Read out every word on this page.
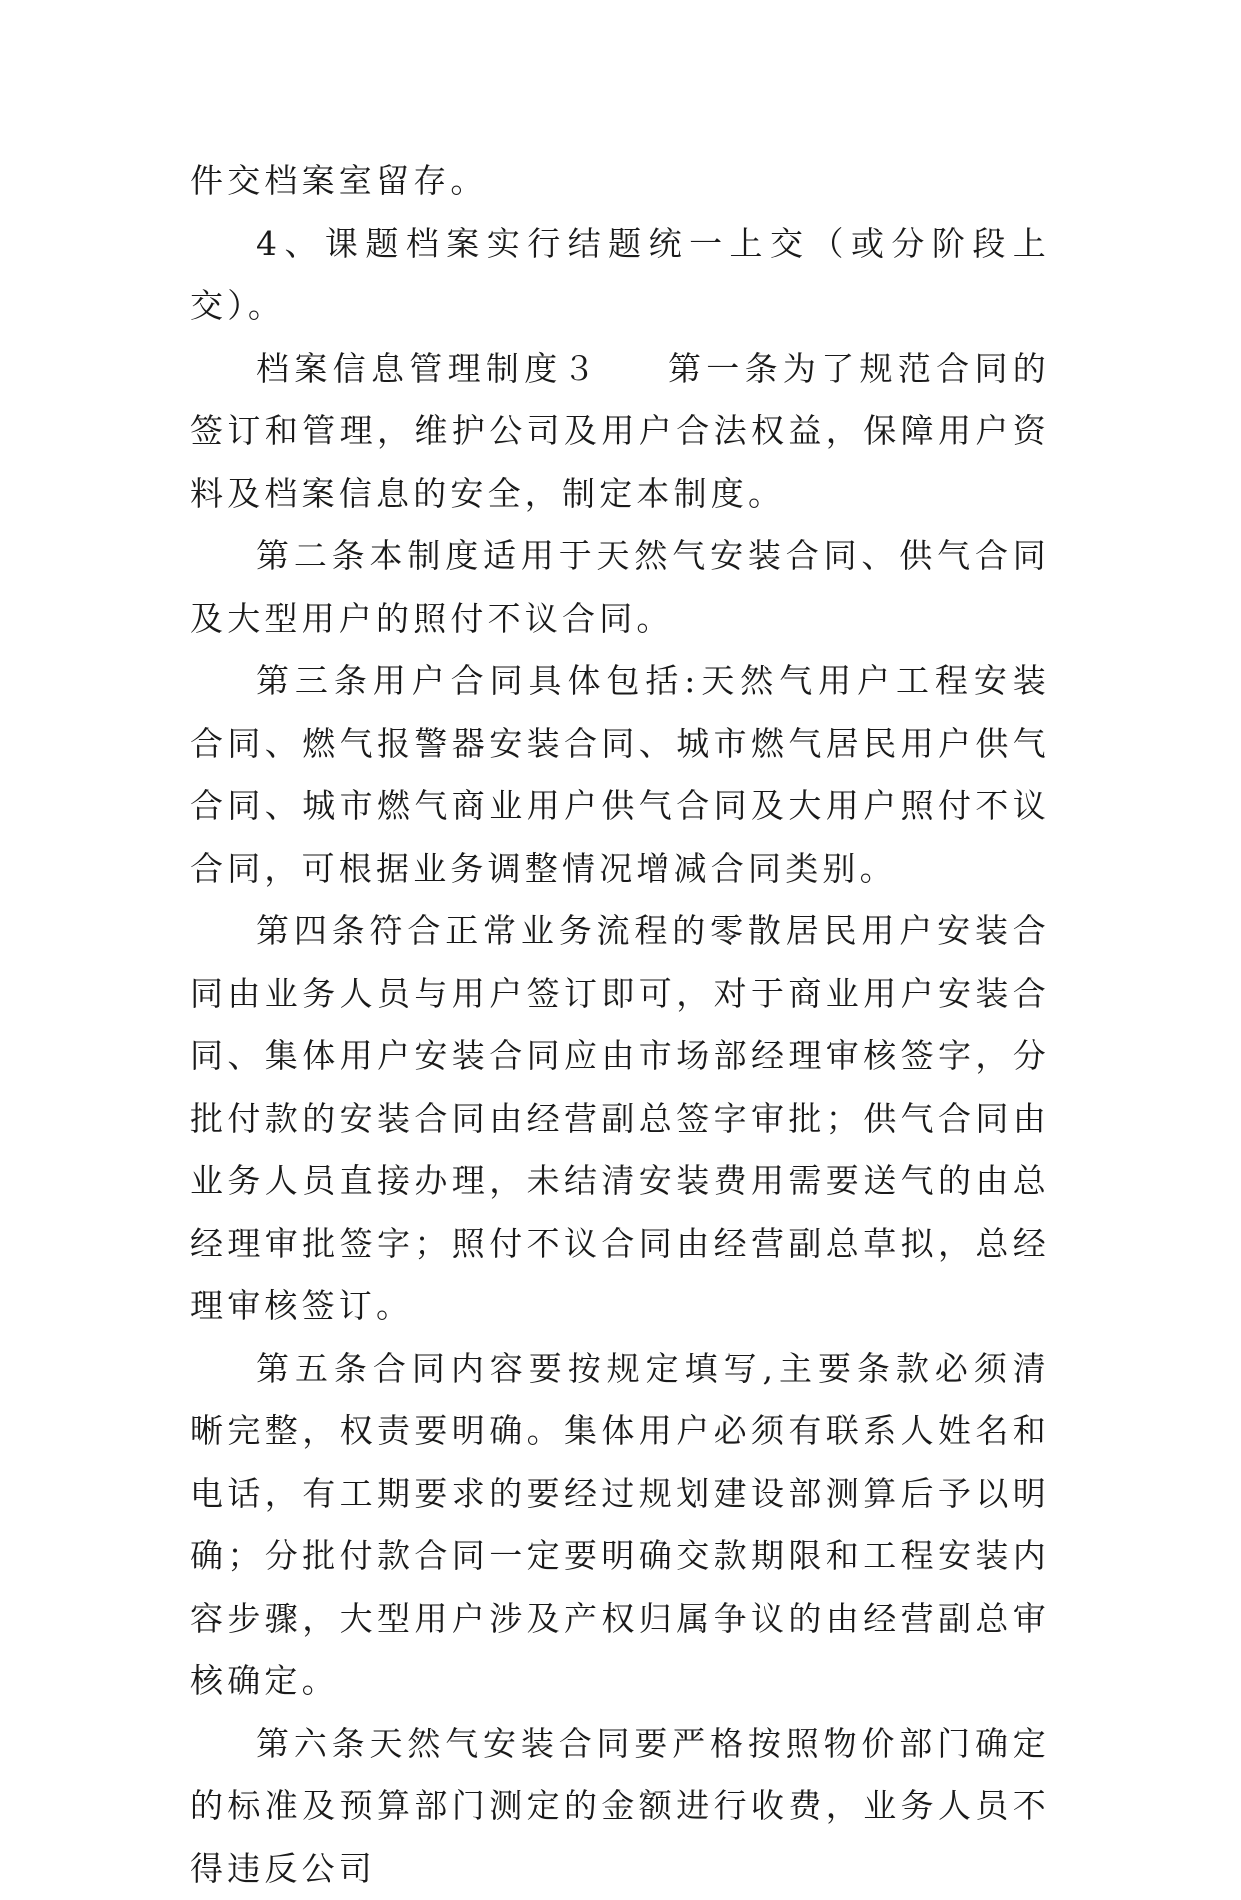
件交档案室留存。

4、课题档案实行结题统一上交（或分阶段上交）。

档案信息管理制度３ 第一条为了规范合同的签订和管理，维护公司及用户合法权益，保障用户资料及档案信息的安全，制定本制度。

第二条本制度适用于天然气安装合同、供气合同及大型用户的照付不议合同。

第三条用户合同具体包括:天然气用户工程安装合同、燃气报警器安装合同、城市燃气居民用户供气合同、城市燃气商业用户供气合同及大用户照付不议合同，可根据业务调整情况增减合同类别。

第四条符合正常业务流程的零散居民用户安装合同由业务人员与用户签订即可，对于商业用户安装合同、集体用户安装合同应由市场部经理审核签字，分批付款的安装合同由经营副总签字审批；供气合同由业务人员直接办理，未结清安装费用需要送气的由总经理审批签字；照付不议合同由经营副总草拟，总经理审核签订。

第五条合同内容要按规定填写,主要条款必须清晰完整，权责要明确。集体用户必须有联系人姓名和电话，有工期要求的要经过规划建设部测算后予以明确；分批付款合同一定要明确交款期限和工程安装内容步骤，大型用户涉及产权归属争议的由经营副总审核确定。

第六条天然气安装合同要严格按照物价部门确定的标准及预算部门测定的金额进行收费，业务人员不得违反公司
